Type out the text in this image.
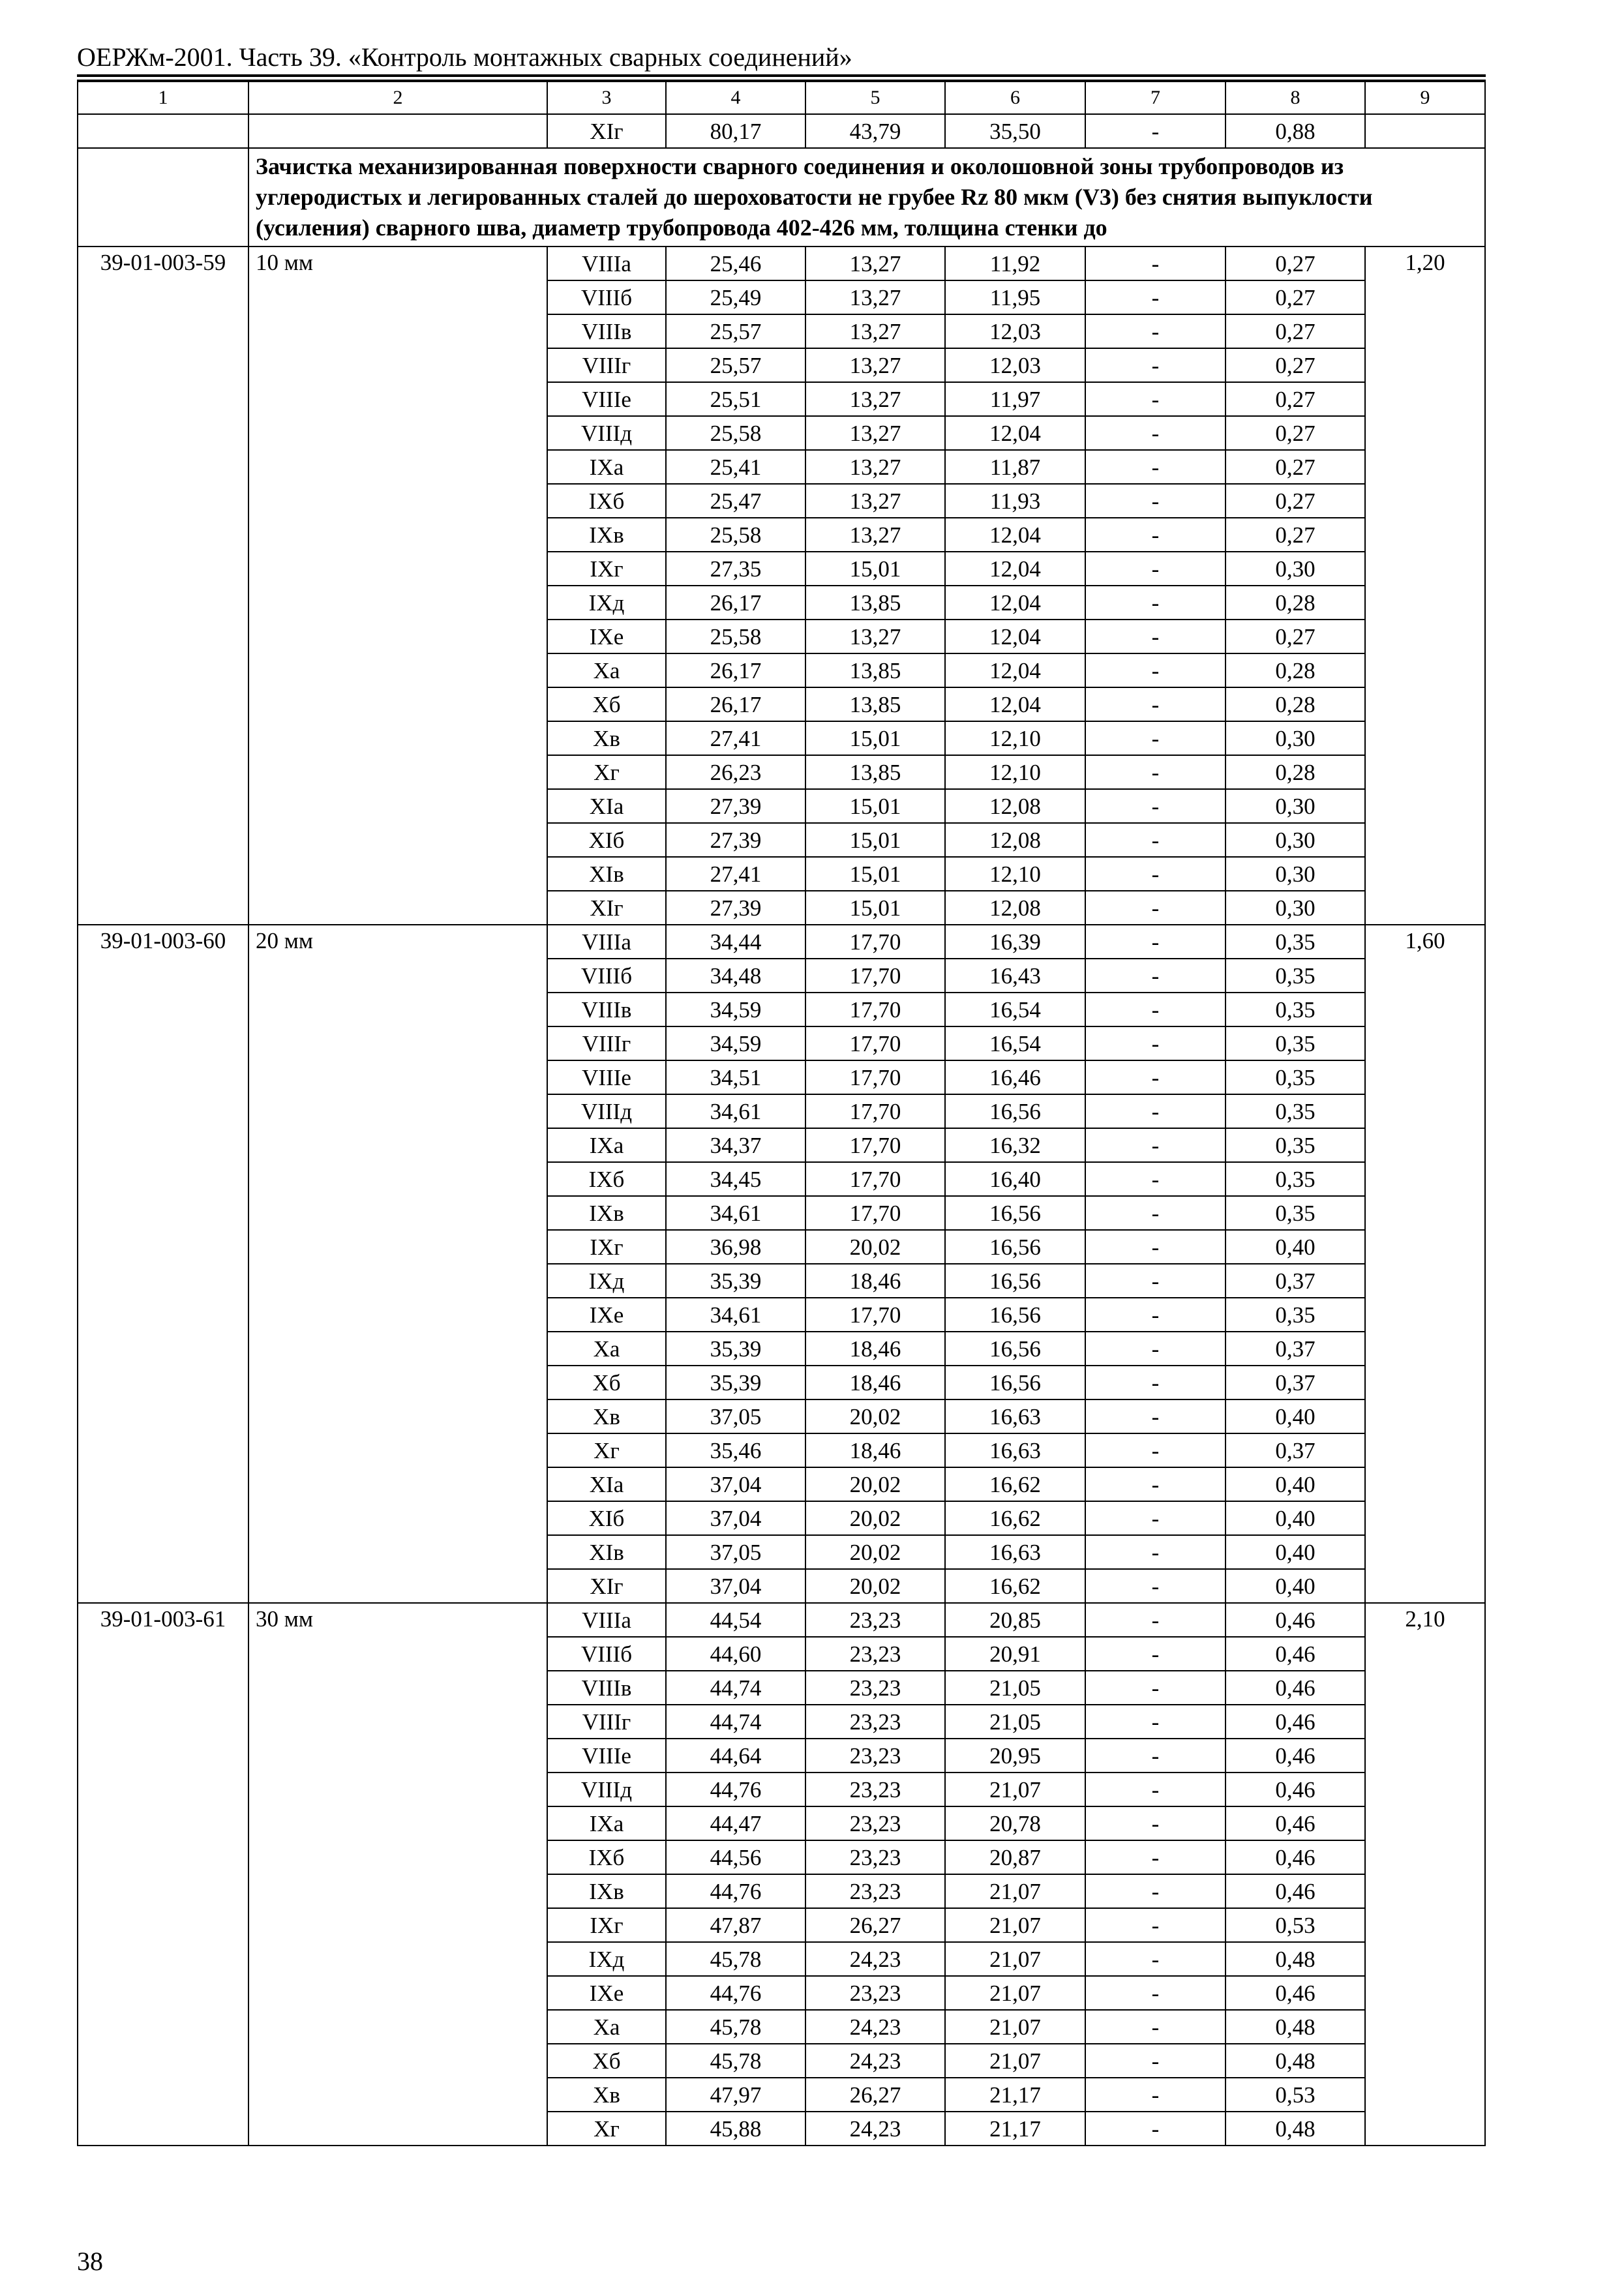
ОЕРЖм-2001. Часть 39. «Контроль монтажных сварных соединений»
1	2	3	4	5	6	7	8	9
		ХIг	80,17	43,79	35,50	-	0,88	
	Зачистка механизированная поверхности сварного соединения и околошовной зоны трубопроводов из углеродистых и легированных сталей до шероховатости не грубее Rz 80 мкм (V3) без снятия выпуклости (усиления) сварного шва, диаметр трубопровода 402-426 мм, толщина стенки до							
39-01-003-59	10 мм	VIIIа	25,46	13,27	11,92	-	0,27	1,20
		VIIIб	25,49	13,27	11,95	-	0,27	
		VIIIв	25,57	13,27	12,03	-	0,27	
		VIIIг	25,57	13,27	12,03	-	0,27	
		VIIIе	25,51	13,27	11,97	-	0,27	
		VIIIд	25,58	13,27	12,04	-	0,27	
		IХа	25,41	13,27	11,87	-	0,27	
		IХб	25,47	13,27	11,93	-	0,27	
		IХв	25,58	13,27	12,04	-	0,27	
		IХг	27,35	15,01	12,04	-	0,30	
		IХд	26,17	13,85	12,04	-	0,28	
		IХе	25,58	13,27	12,04	-	0,27	
		Ха	26,17	13,85	12,04	-	0,28	
		Хб	26,17	13,85	12,04	-	0,28	
		Хв	27,41	15,01	12,10	-	0,30	
		Хг	26,23	13,85	12,10	-	0,28	
		ХIа	27,39	15,01	12,08	-	0,30	
		ХIб	27,39	15,01	12,08	-	0,30	
		ХIв	27,41	15,01	12,10	-	0,30	
		ХIг	27,39	15,01	12,08	-	0,30	
39-01-003-60	20 мм	VIIIа	34,44	17,70	16,39	-	0,35	1,60
		VIIIб	34,48	17,70	16,43	-	0,35	
		VIIIв	34,59	17,70	16,54	-	0,35	
		VIIIг	34,59	17,70	16,54	-	0,35	
		VIIIе	34,51	17,70	16,46	-	0,35	
		VIIIд	34,61	17,70	16,56	-	0,35	
		IХа	34,37	17,70	16,32	-	0,35	
		IХб	34,45	17,70	16,40	-	0,35	
		IХв	34,61	17,70	16,56	-	0,35	
		IХг	36,98	20,02	16,56	-	0,40	
		IХд	35,39	18,46	16,56	-	0,37	
		IХе	34,61	17,70	16,56	-	0,35	
		Ха	35,39	18,46	16,56	-	0,37	
		Хб	35,39	18,46	16,56	-	0,37	
		Хв	37,05	20,02	16,63	-	0,40	
		Хг	35,46	18,46	16,63	-	0,37	
		ХIа	37,04	20,02	16,62	-	0,40	
		ХIб	37,04	20,02	16,62	-	0,40	
		ХIв	37,05	20,02	16,63	-	0,40	
		ХIг	37,04	20,02	16,62	-	0,40	
39-01-003-61	30 мм	VIIIа	44,54	23,23	20,85	-	0,46	2,10
		VIIIб	44,60	23,23	20,91	-	0,46	
		VIIIв	44,74	23,23	21,05	-	0,46	
		VIIIг	44,74	23,23	21,05	-	0,46	
		VIIIе	44,64	23,23	20,95	-	0,46	
		VIIIд	44,76	23,23	21,07	-	0,46	
		IХа	44,47	23,23	20,78	-	0,46	
		IХб	44,56	23,23	20,87	-	0,46	
		IХв	44,76	23,23	21,07	-	0,46	
		IХг	47,87	26,27	21,07	-	0,53	
		IХд	45,78	24,23	21,07	-	0,48	
		IХе	44,76	23,23	21,07	-	0,46	
		Ха	45,78	24,23	21,07	-	0,48	
		Хб	45,78	24,23	21,07	-	0,48	
		Хв	47,97	26,27	21,17	-	0,53	
		Хг	45,88	24,23	21,17	-	0,48	
38
